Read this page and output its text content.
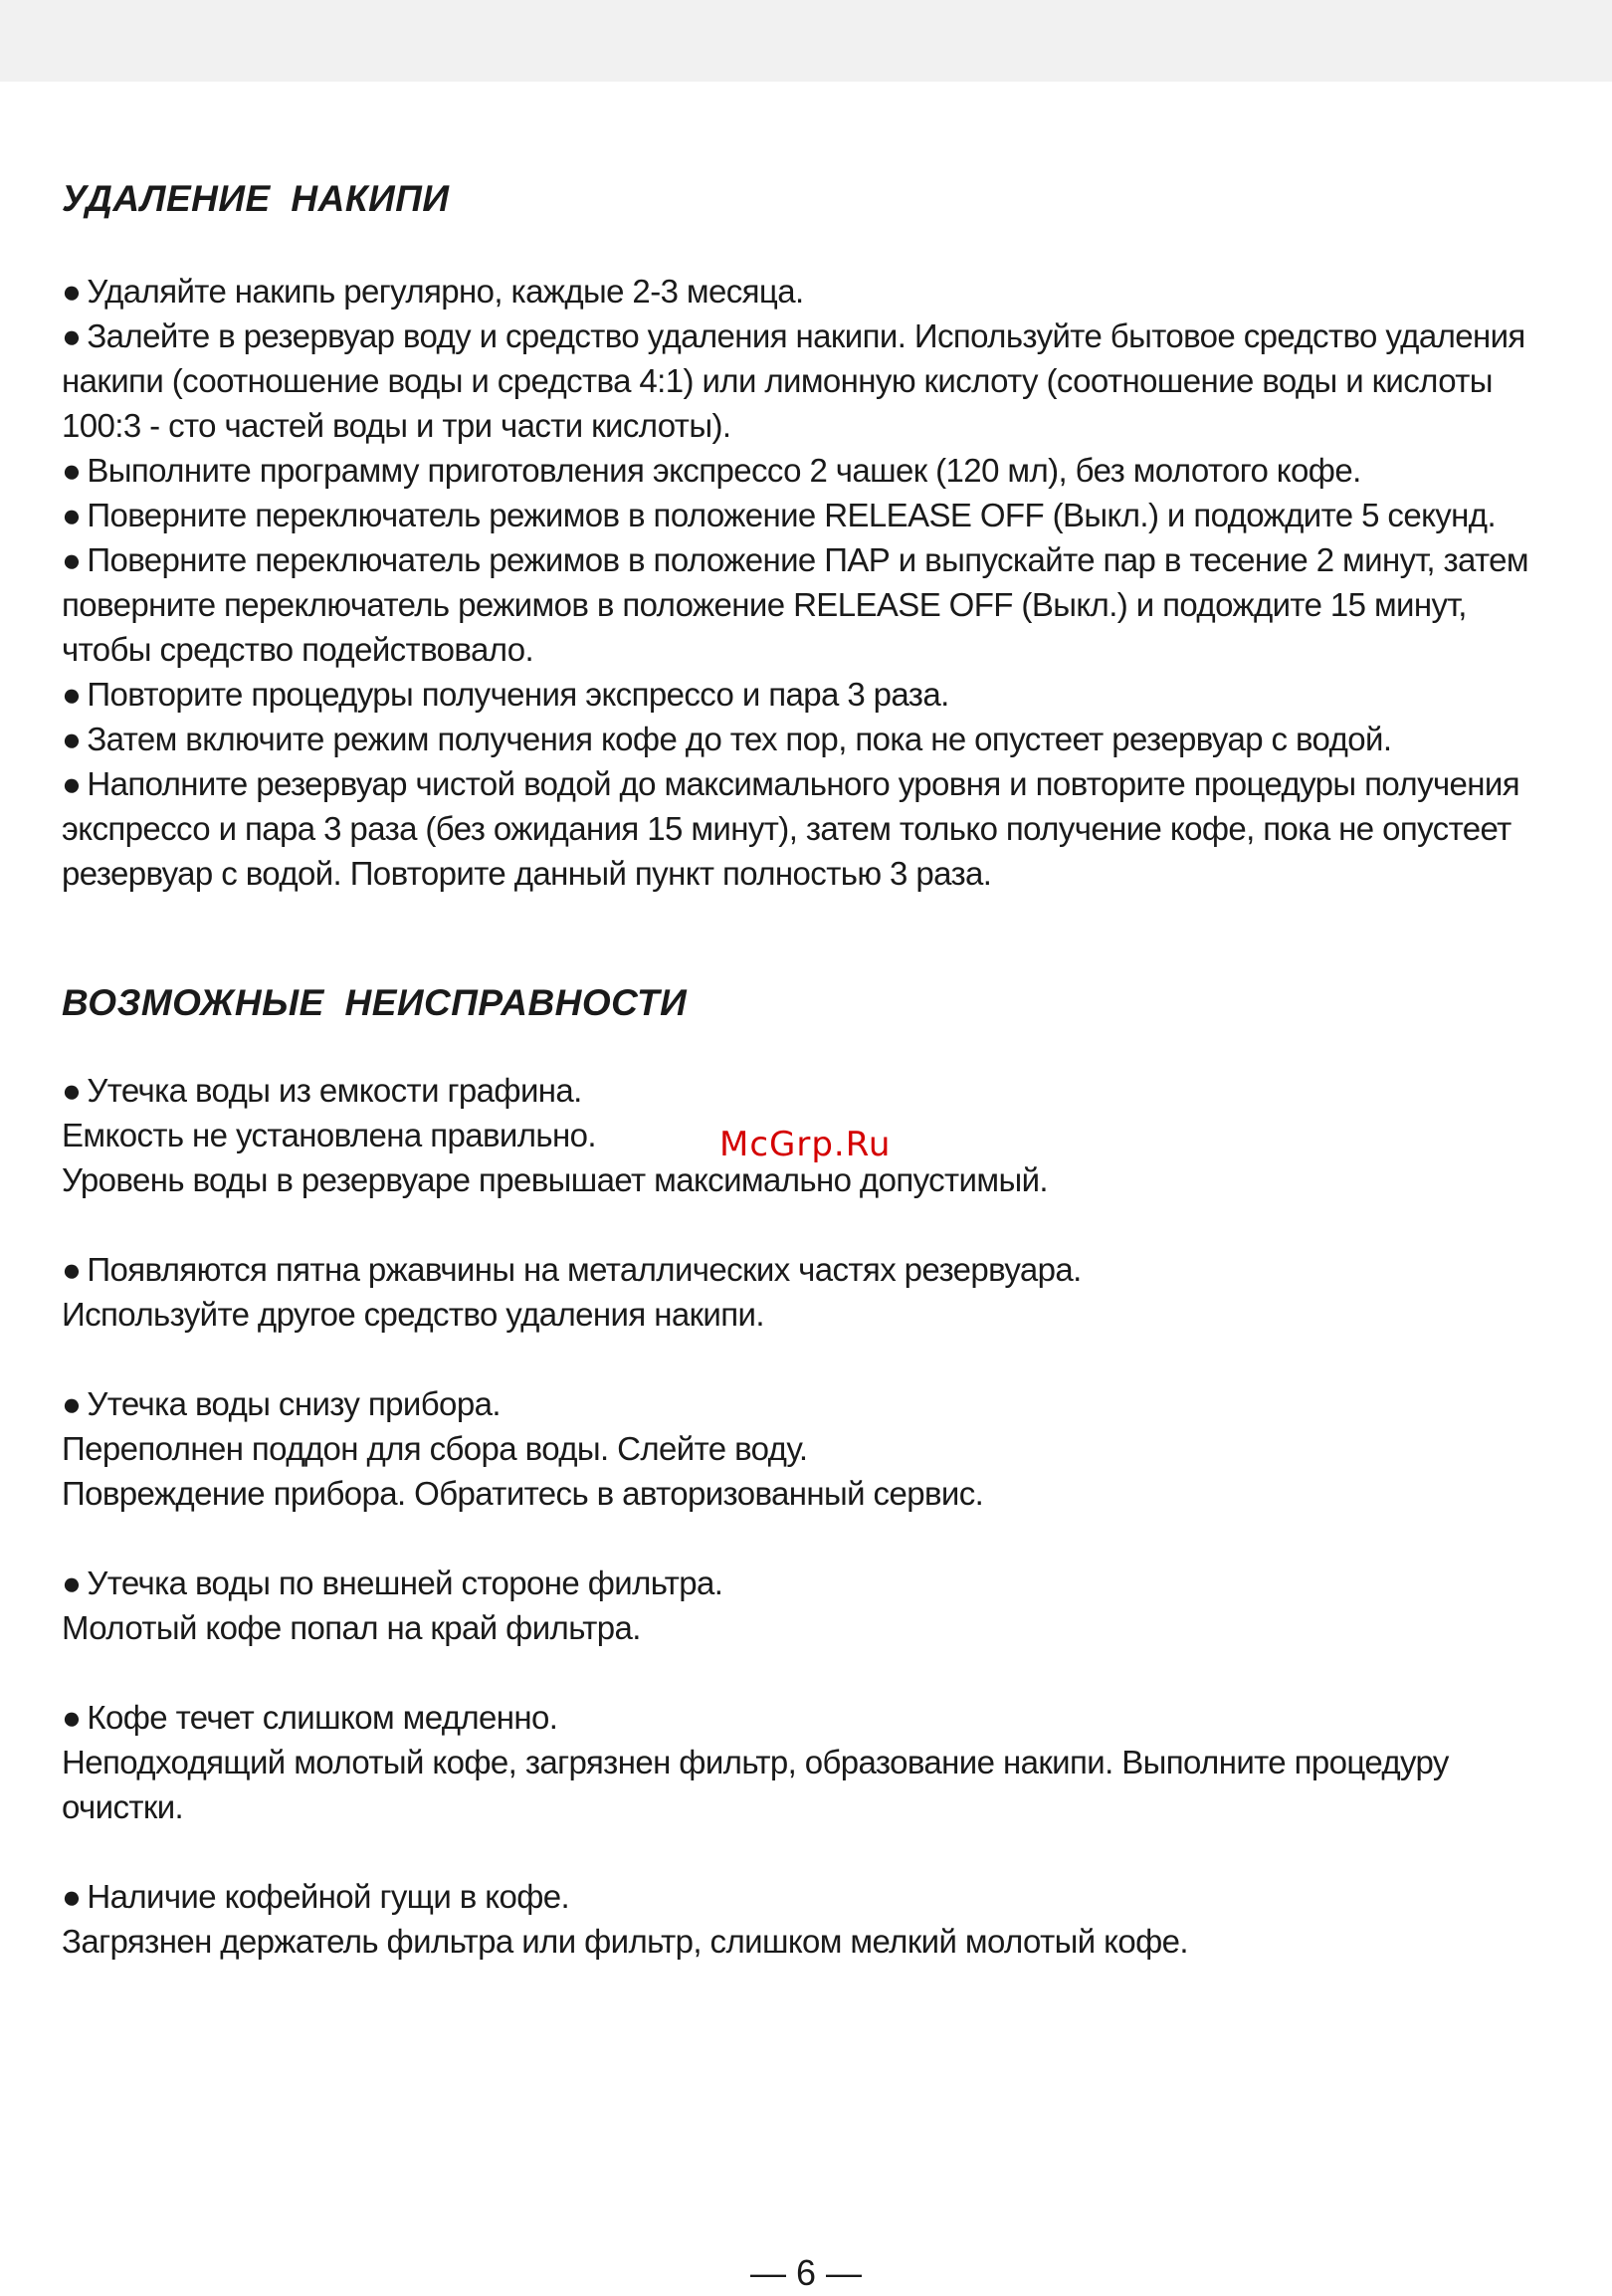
УДАЛЕНИЕ НАКИПИ

● Удаляйте накипь регулярно, каждые 2-3 месяца.

● Залейте в резервуар воду и средство удаления накипи. Используйте бытовое средство удаления накипи (соотношение воды и средства 4:1) или лимонную кислоту (соотношение воды и кислоты 100:3 - сто частей воды и три части кислоты).

● Выполните программу приготовления экспрессо 2 чашек (120 мл), без молотого кофе.

● Поверните переключатель режимов в положение RELEASE OFF (Выкл.) и подождите 5 секунд.

● Поверните переключатель режимов в положение ПАР и выпускайте пар в тесение 2 минут, затем поверните переключатель режимов в положение RELEASE OFF (Выкл.) и подождите 15 минут, чтобы средство подействовало.

● Повторите процедуры получения экспрессо и пара 3 раза.

● Затем включите режим получения кофе до тех пор, пока не опустеет резервуар с водой.

● Наполните резервуар чистой водой до максимального уровня и повторите процедуры получения экспрессо и пара 3 раза (без ожидания 15 минут), затем только получение кофе, пока не опустеет резервуар с водой. Повторите данный пункт полностью 3 раза.

ВОЗМОЖНЫЕ НЕИСПРАВНОСТИ

● Утечка воды из емкости графина.

Емкость не установлена правильно.

Уровень воды в резервуаре превышает максимально допустимый.

● Появляются пятна ржавчины на металлических частях резервуара.

Используйте другое средство удаления накипи.

● Утечка воды снизу прибора.

Переполнен поддон для сбора воды. Слейте воду.

Повреждение прибора. Обратитесь в авторизованный сервис.

● Утечка воды по внешней стороне фильтра.

Молотый кофе попал на край фильтра.

● Кофе течет слишком медленно.

Неподходящий молотый кофе, загрязнен фильтр, образование накипи. Выполните процедуру очистки.

● Наличие кофейной гущи в кофе.

Загрязнен держатель фильтра или фильтр, слишком мелкий молотый кофе.

McGrp.Ru
— 6 —
